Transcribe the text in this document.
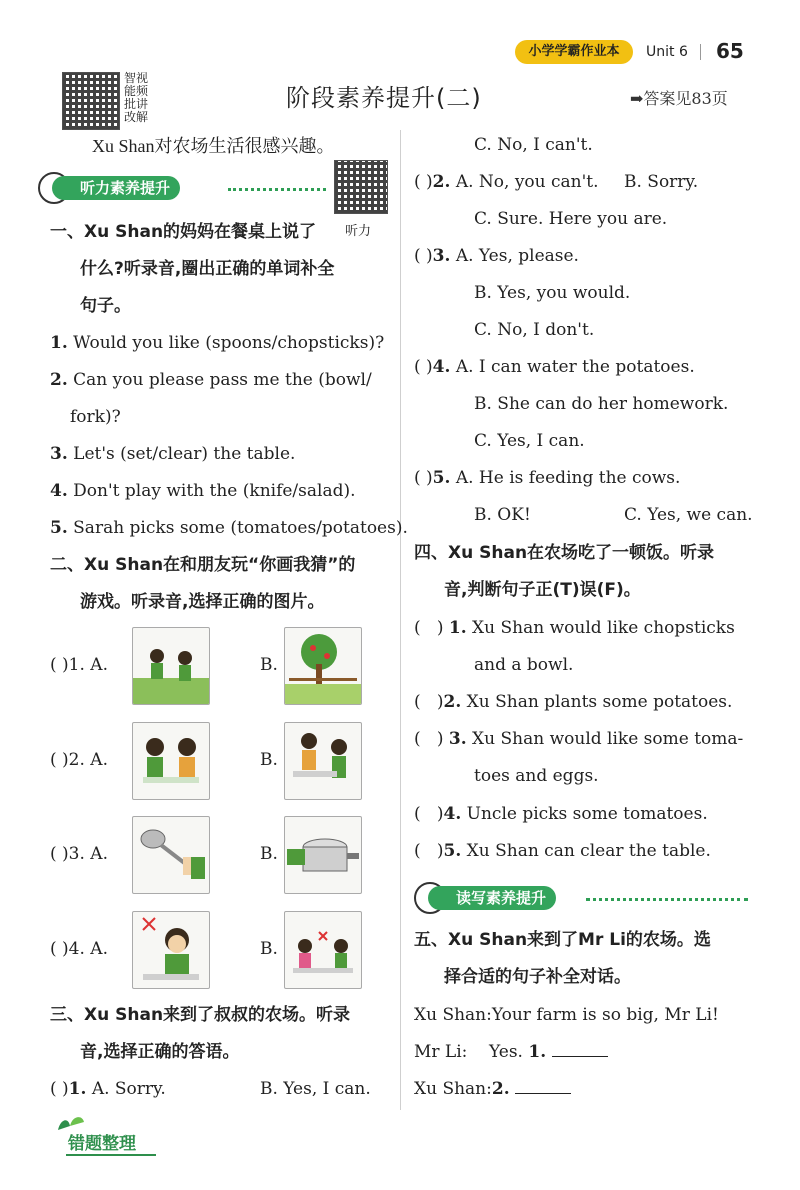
小学学霸作业本	Unit 6 65
智视
能频
批讲
改解
阶段素养提升(二)	➡答案见83页
Xu Shan对农场生活很感兴趣。
听力素养提升
听力
一、Xu Shan的妈妈在餐桌上说了
什么?听录音,圈出正确的单词补全
句子。
1. Would you like (spoons/chopsticks)?
2. Can you please pass me the (bowl/
fork)?
3. Let's (set/clear) the table.
4. Don't play with the (knife/salad).
5. Sarah picks some (tomatoes/potatoes).
二、Xu Shan在和朋友玩“你画我猜”的
游戏。听录音,选择正确的图片。
( )1. A.	B.
( )2. A.	B.
( )3. A.	B.
( )4. A.	B.
三、Xu Shan来到了叔叔的农场。听录
音,选择正确的答语。
( )1. A. Sorry.	B. Yes, I can.
错题整理
C. No, I can't.
( )2. A. No, you can't. B. Sorry.
C. Sure. Here you are.
( )3. A. Yes, please.
B. Yes, you would.
C. No, I don't.
( )4. A. I can water the potatoes.
B. She can do her homework.
C. Yes, I can.
( )5. A. He is feeding the cows.
B. OK!	C. Yes, we can.
四、Xu Shan在农场吃了一顿饭。听录
音,判断句子正(T)误(F)。
(   ) 1. Xu Shan would like chopsticks
and a bowl.
(   )2. Xu Shan plants some potatoes.
(   ) 3. Xu Shan would like some toma-
toes and eggs.
(   )4. Uncle picks some tomatoes.
(   )5. Xu Shan can clear the table.
读写素养提升
五、Xu Shan来到了Mr Li的农场。选
择合适的句子补全对话。
Xu Shan:Your farm is so big, Mr Li!
Mr Li: Yes. 1.
Xu Shan:2.
